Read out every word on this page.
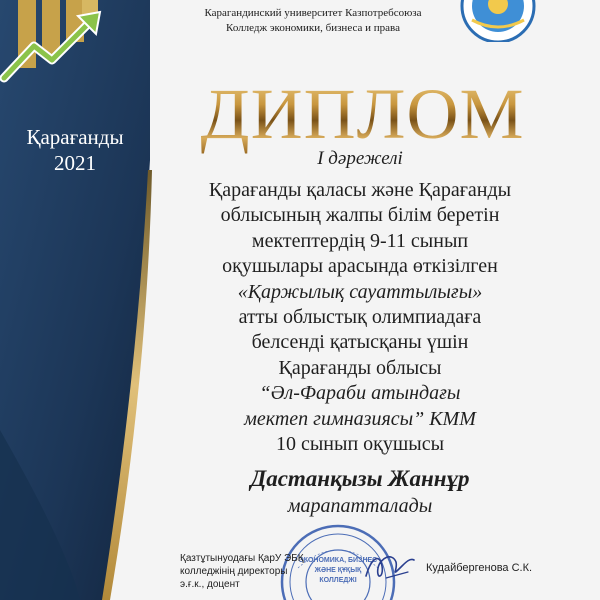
Қарағанды
2021
Карагандинский университет Казпотребсоюза
Колледж экономики, бизнеса и права
ДИПЛОМ
I дәрежелі
Қарағанды қаласы және Қарағанды
облысының жалпы білім беретін
мектептердің 9-11 сынып
оқушылары арасында өткізілген
«Қаржылық сауаттылығы»
атты облыстық олимпиадаға
белсенді қатысқаны үшін
Қарағанды облысы
“Әл-Фараби атындағы
мектеп гимназиясы” КММ
10 сынып оқушысы
Дастанқызы Жаннұр
марапатталады
ЭКОНОМИКА, БИЗНЕС
ЖӘНЕ ҚҰҚЫҚ
КОЛЛЕДЖІ
Қазтұтынуодағы ҚарУ ЭБҚ
колледжінің директоры
э.ғ.к., доцент
Кудайбергенова С.К.
